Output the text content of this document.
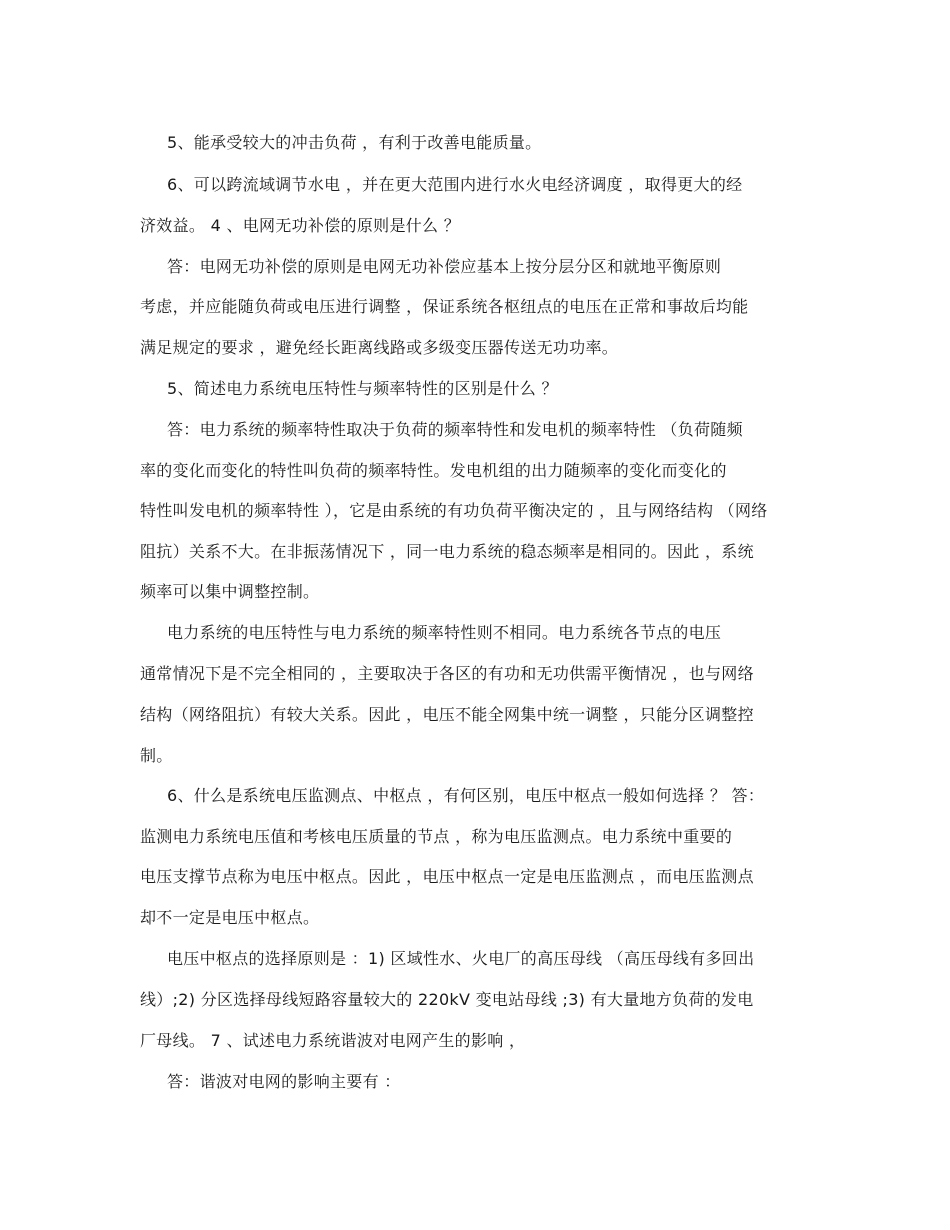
5、能承受较大的冲击负荷 ，有利于改善电能质量。
6、可以跨流域调节水电 ，并在更大范围内进行水火电经济调度 ，取得更大的经
济效益。 4 、电网无功补偿的原则是什么 ？
答：电网无功补偿的原则是电网无功补偿应基本上按分层分区和就地平衡原则
考虑，并应能随负荷或电压进行调整 ，保证系统各枢纽点的电压在正常和事故后均能
满足规定的要求 ，避免经长距离线路或多级变压器传送无功功率。
5、简述电力系统电压特性与频率特性的区别是什么 ？
答：电力系统的频率特性取决于负荷的频率特性和发电机的频率特性 （负荷随频
率的变化而变化的特性叫负荷的频率特性。发电机组的出力随频率的变化而变化的
特性叫发电机的频率特性 ），它是由系统的有功负荷平衡决定的 ，且与网络结构 （网络
阻抗）关系不大。在非振荡情况下 ，同一电力系统的稳态频率是相同的。因此 ，系统
频率可以集中调整控制。
电力系统的电压特性与电力系统的频率特性则不相同。电力系统各节点的电压
通常情况下是不完全相同的 ，主要取决于各区的有功和无功供需平衡情况 ，也与网络
结构（网络阻抗）有较大关系。因此 ，电压不能全网集中统一调整 ，只能分区调整控
制。
6、什么是系统电压监测点、中枢点 ，有何区别，电压中枢点一般如何选择 ？ 答：
监测电力系统电压值和考核电压质量的节点 ，称为电压监测点。电力系统中重要的
电压支撑节点称为电压中枢点。因此 ，电压中枢点一定是电压监测点 ，而电压监测点
却不一定是电压中枢点。
电压中枢点的选择原则是 ：1) 区域性水、火电厂的高压母线 （高压母线有多回出
线）;2) 分区选择母线短路容量较大的 220kV 变电站母线 ;3) 有大量地方负荷的发电
厂母线。 7 、试述电力系统谐波对电网产生的影响 ，
答：谐波对电网的影响主要有 ：
